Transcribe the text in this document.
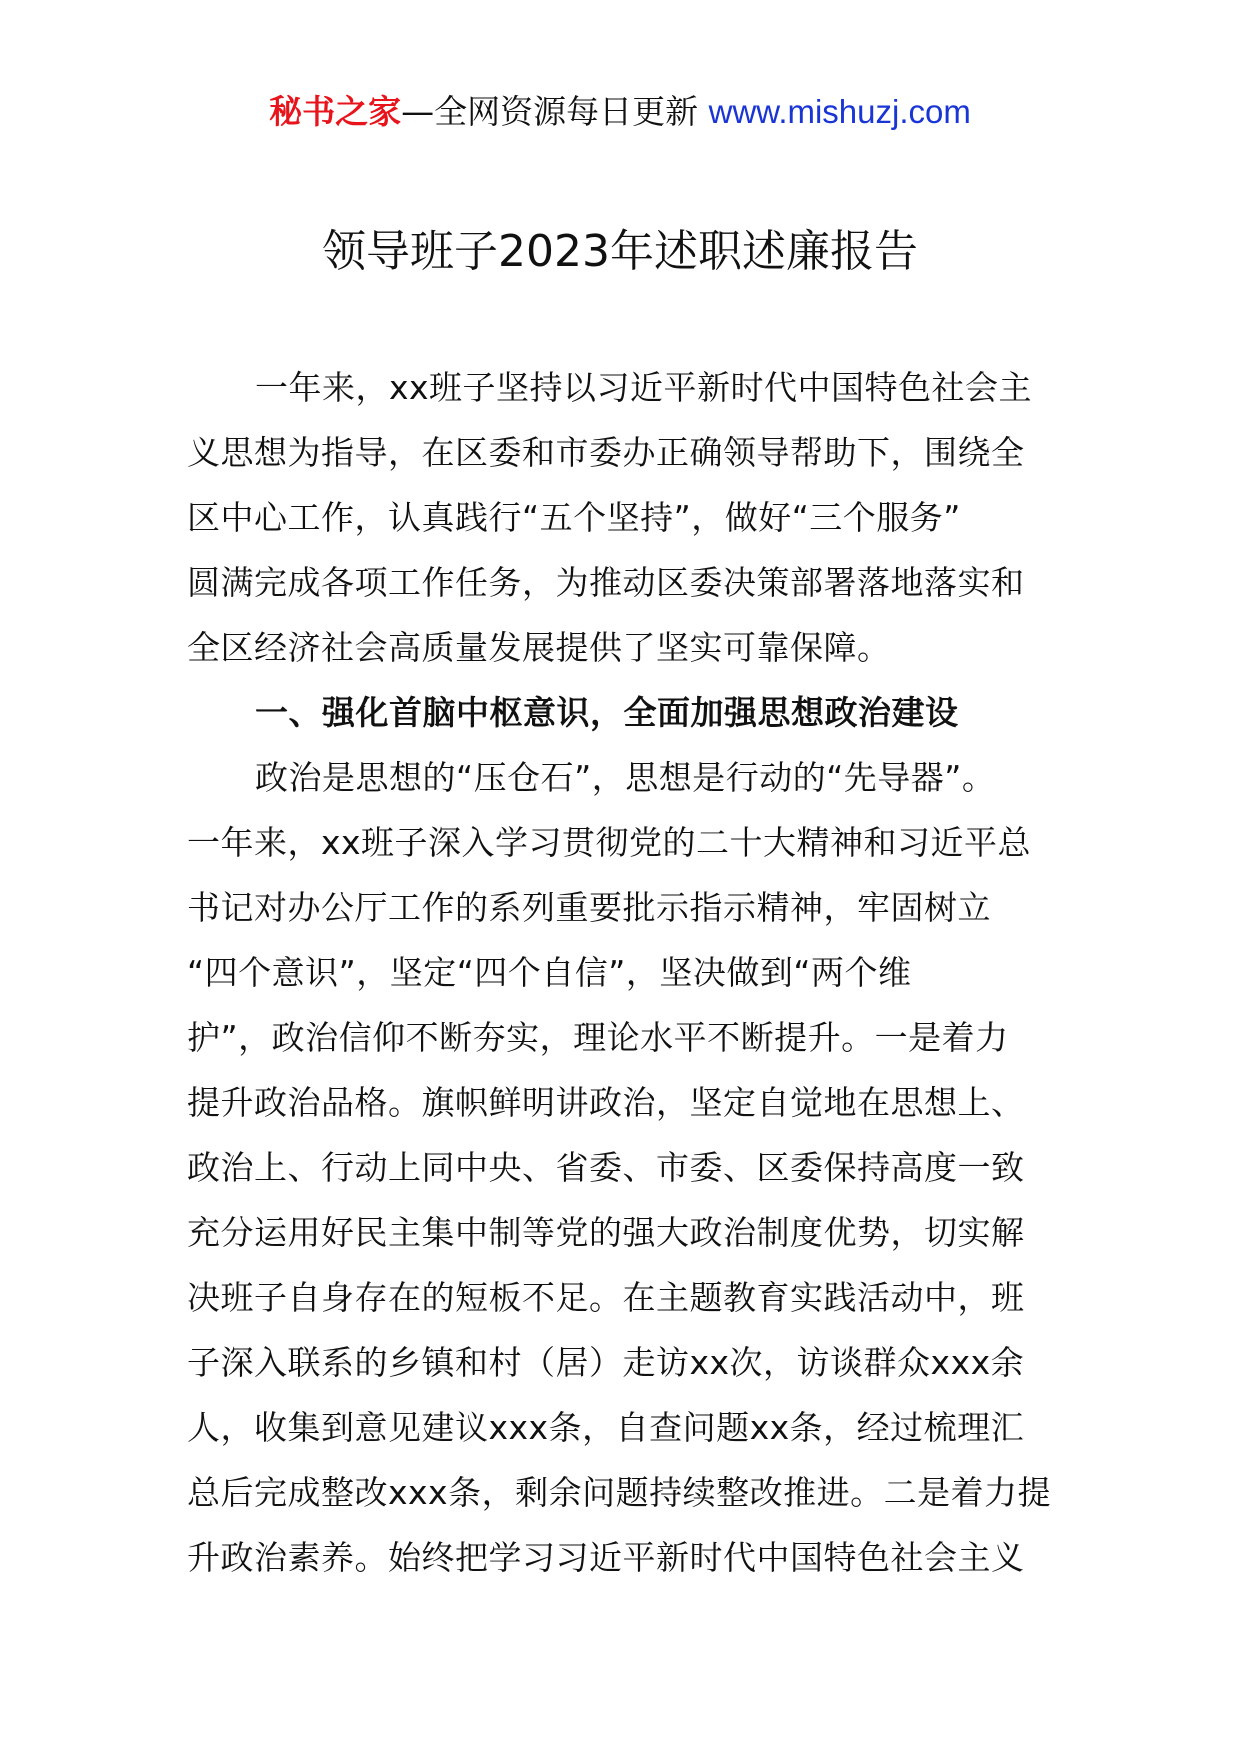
秘书之家—全网资源每日更新 www.mishuzj.com
领导班子2023年述职述廉报告
一年来，xx班子坚持以习近平新时代中国特色社会主
义思想为指导，在区委和市委办正确领导帮助下，围绕全
区中心工作，认真践行“五个坚持”，做好“三个服务”
圆满完成各项工作任务，为推动区委决策部署落地落实和
全区经济社会高质量发展提供了坚实可靠保障。
一、强化首脑中枢意识，全面加强思想政治建设
政治是思想的“压仓石”，思想是行动的“先导器”。
一年来，xx班子深入学习贯彻党的二十大精神和习近平总
书记对办公厅工作的系列重要批示指示精神，牢固树立
“四个意识”，坚定“四个自信”，坚决做到“两个维
护”，政治信仰不断夯实，理论水平不断提升。一是着力
提升政治品格。旗帜鲜明讲政治，坚定自觉地在思想上、
政治上、行动上同中央、省委、市委、区委保持高度一致
充分运用好民主集中制等党的强大政治制度优势，切实解
决班子自身存在的短板不足。在主题教育实践活动中，班
子深入联系的乡镇和村（居）走访xx次，访谈群众xxx余
人，收集到意见建议xxx条，自查问题xx条，经过梳理汇
总后完成整改xxx条，剩余问题持续整改推进。二是着力提
升政治素养。始终把学习习近平新时代中国特色社会主义
